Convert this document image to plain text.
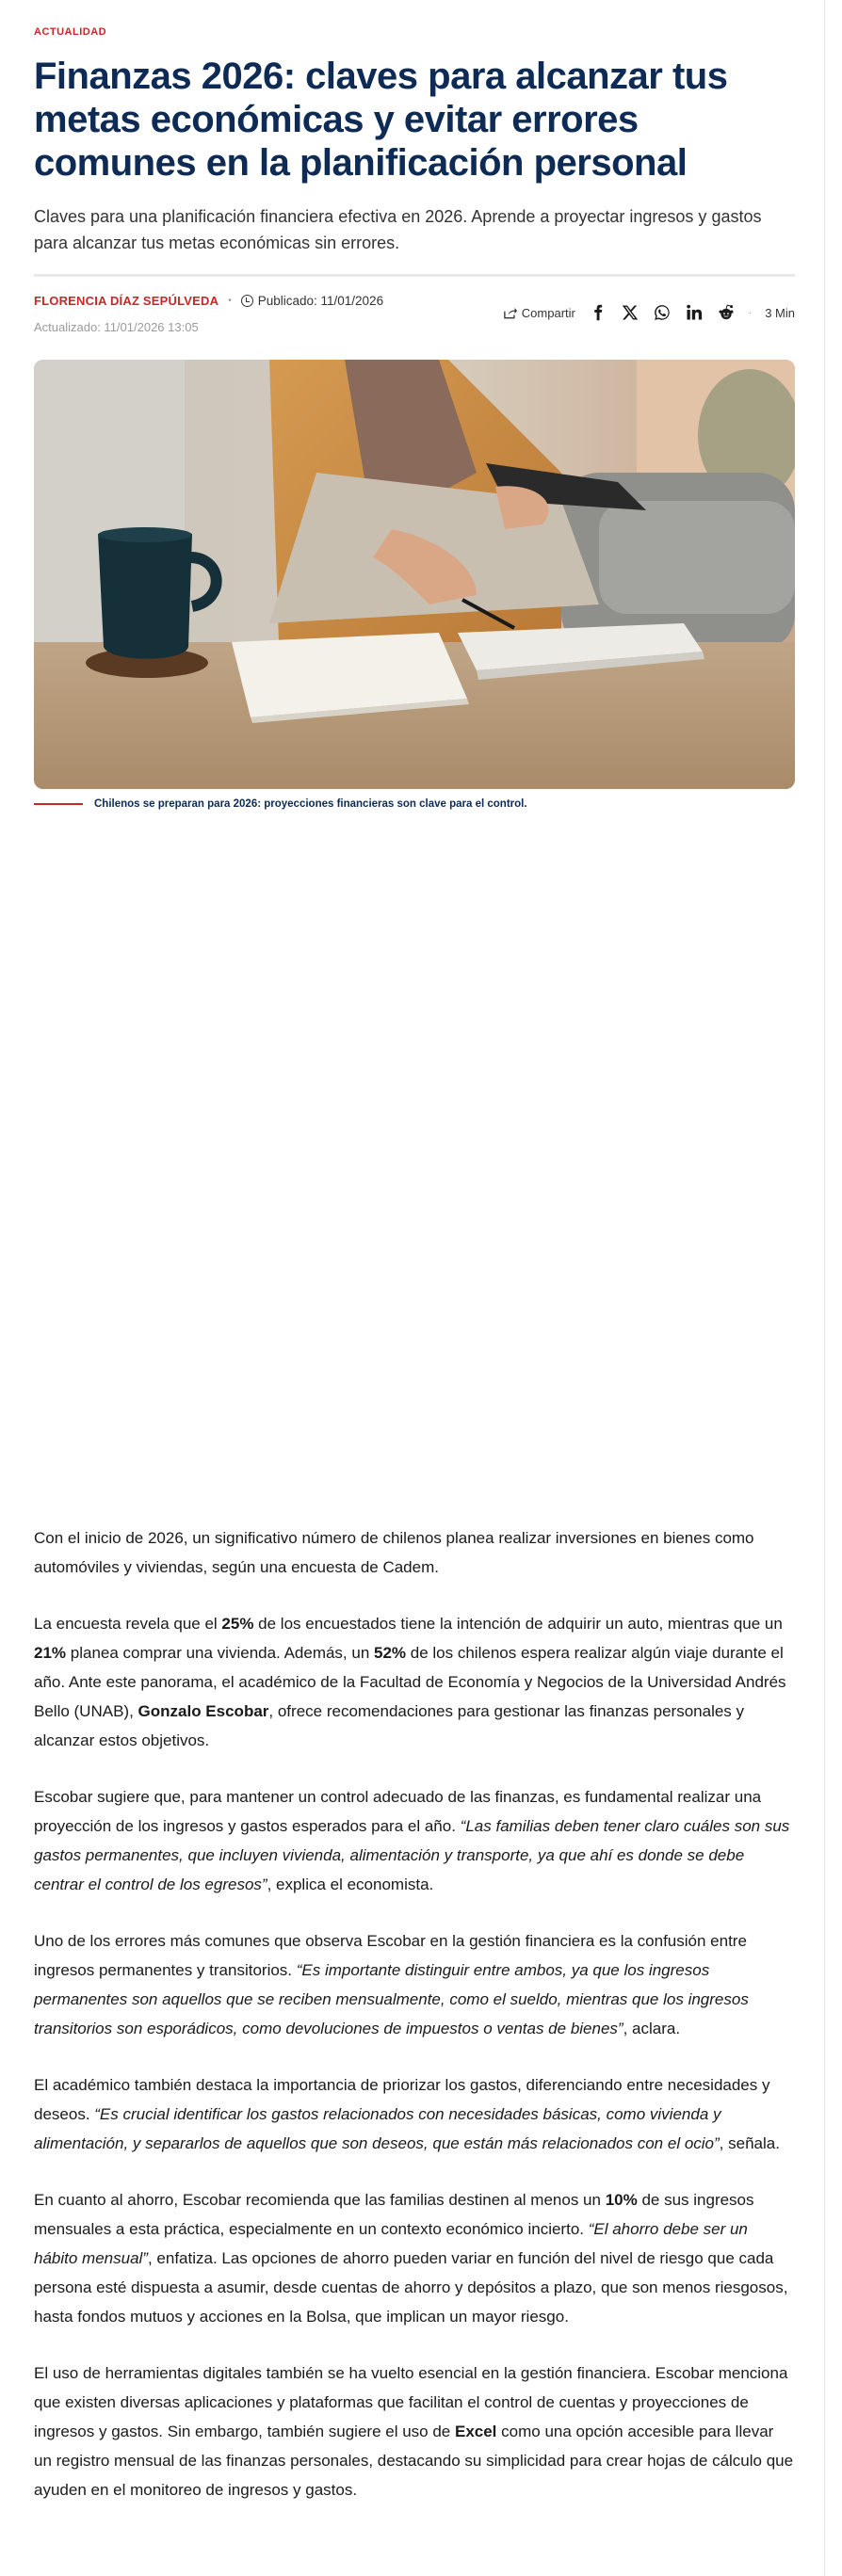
ACTUALIDAD
Finanzas 2026: claves para alcanzar tus metas económicas y evitar errores comunes en la planificación personal

Claves para una planificación financiera efectiva en 2026. Aprende a proyectar ingresos y gastos para alcanzar tus metas económicas sin errores.

FLORENCIA DÍAZ SEPÚLVEDA • Publicado: 11/01/2026
Actualizado: 11/01/2026 13:05
Compartir	· 3 Min
Chilenos se preparan para 2026: proyecciones financieras son clave para el control.

Con el inicio de 2026, un significativo número de chilenos planea realizar inversiones en bienes como automóviles y viviendas, según una encuesta de Cadem.

La encuesta revela que el 25% de los encuestados tiene la intención de adquirir un auto, mientras que un 21% planea comprar una vivienda. Además, un 52% de los chilenos espera realizar algún viaje durante el año. Ante este panorama, el académico de la Facultad de Economía y Negocios de la Universidad Andrés Bello (UNAB), Gonzalo Escobar, ofrece recomendaciones para gestionar las finanzas personales y alcanzar estos objetivos.

Escobar sugiere que, para mantener un control adecuado de las finanzas, es fundamental realizar una proyección de los ingresos y gastos esperados para el año. “Las familias deben tener claro cuáles son sus gastos permanentes, que incluyen vivienda, alimentación y transporte, ya que ahí es donde se debe centrar el control de los egresos”, explica el economista.

Uno de los errores más comunes que observa Escobar en la gestión financiera es la confusión entre ingresos permanentes y transitorios. “Es importante distinguir entre ambos, ya que los ingresos permanentes son aquellos que se reciben mensualmente, como el sueldo, mientras que los ingresos transitorios son esporádicos, como devoluciones de impuestos o ventas de bienes”, aclara.

El académico también destaca la importancia de priorizar los gastos, diferenciando entre necesidades y deseos. “Es crucial identificar los gastos relacionados con necesidades básicas, como vivienda y alimentación, y separarlos de aquellos que son deseos, que están más relacionados con el ocio”, señala.

En cuanto al ahorro, Escobar recomienda que las familias destinen al menos un 10% de sus ingresos mensuales a esta práctica, especialmente en un contexto económico incierto. “El ahorro debe ser un hábito mensual”, enfatiza. Las opciones de ahorro pueden variar en función del nivel de riesgo que cada persona esté dispuesta a asumir, desde cuentas de ahorro y depósitos a plazo, que son menos riesgosos, hasta fondos mutuos y acciones en la Bolsa, que implican un mayor riesgo.

El uso de herramientas digitales también se ha vuelto esencial en la gestión financiera. Escobar menciona que existen diversas aplicaciones y plataformas que facilitan el control de cuentas y proyecciones de ingresos y gastos. Sin embargo, también sugiere el uso de Excel como una opción accesible para llevar un registro mensual de las finanzas personales, destacando su simplicidad para crear hojas de cálculo que ayuden en el monitoreo de ingresos y gastos.
